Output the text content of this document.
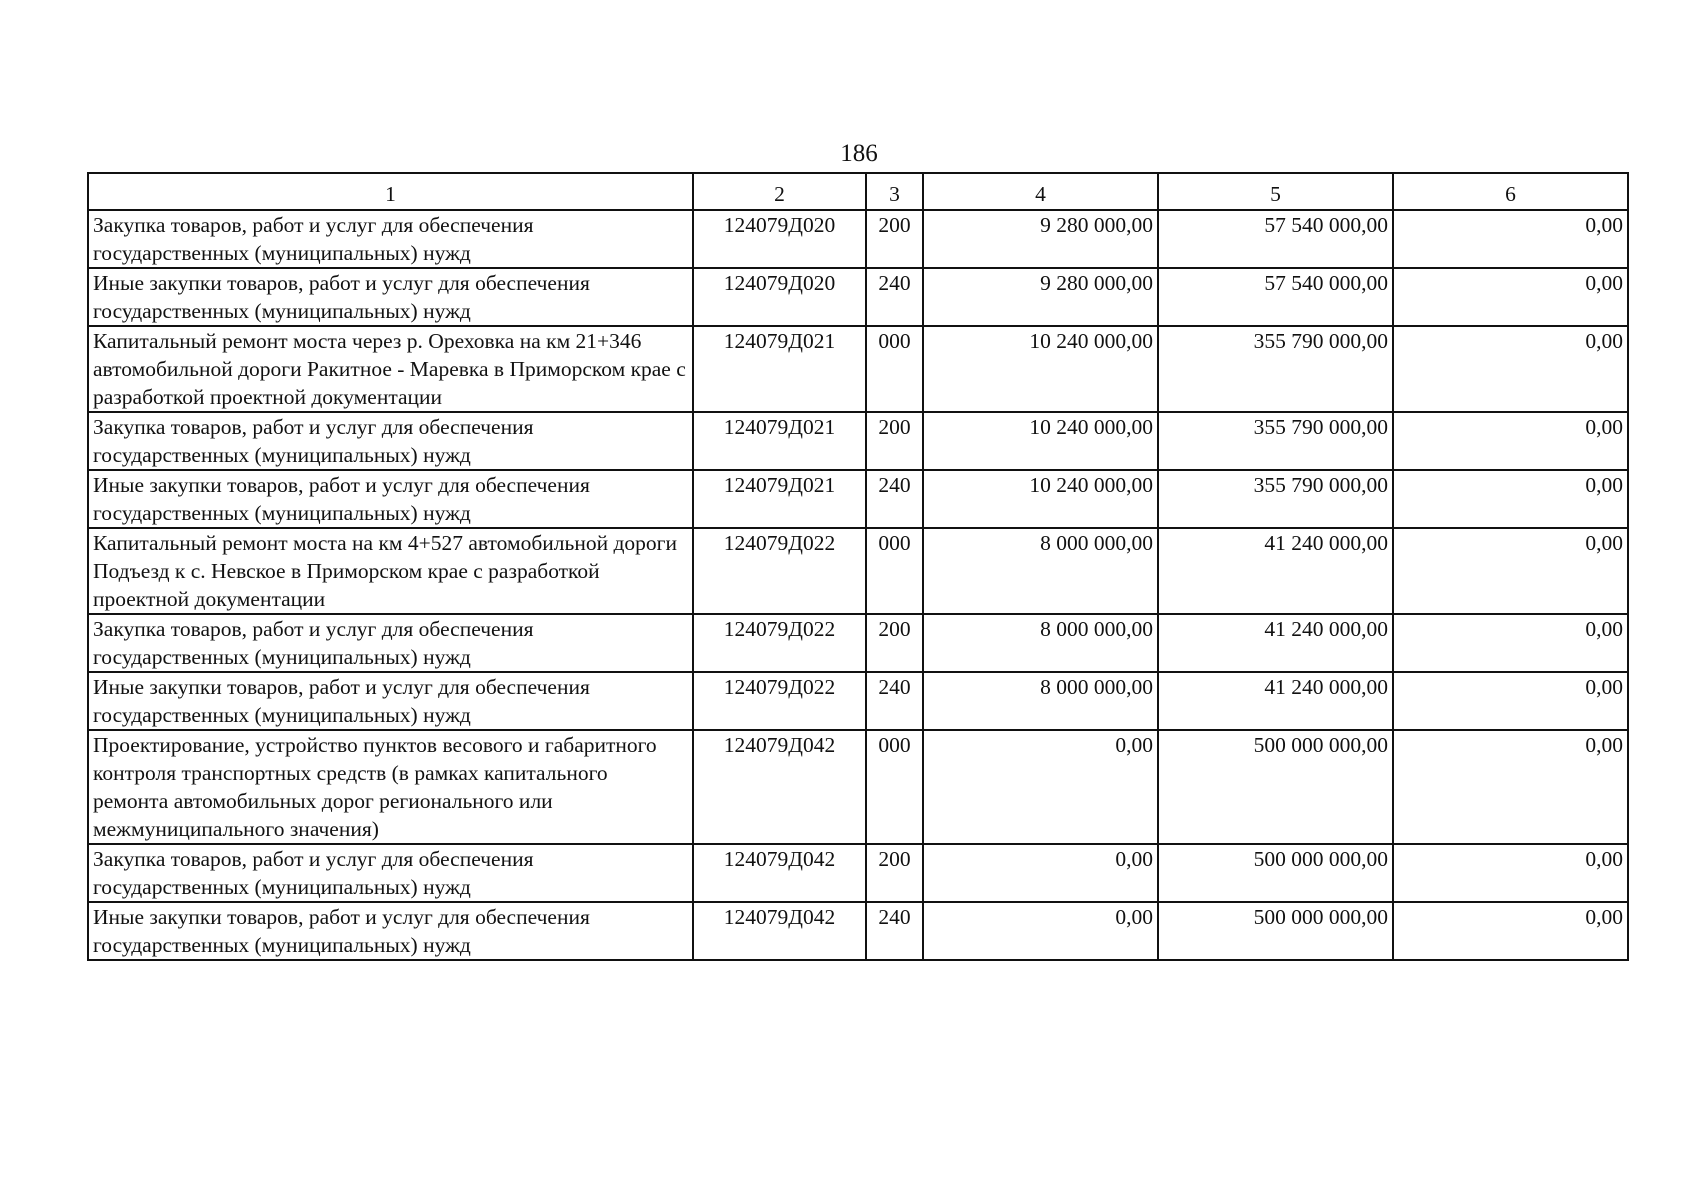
186
1	2	3	4	5	6
Закупка товаров, работ и услуг для обеспечения государственных (муниципальных) нужд	124079Д020	200	9 280 000,00	57 540 000,00	0,00
Иные закупки товаров, работ и услуг для обеспечения государственных (муниципальных) нужд	124079Д020	240	9 280 000,00	57 540 000,00	0,00
Капитальный ремонт моста через р. Ореховка на км 21+346 автомобильной дороги Ракитное - Маревка в Приморском крае с разработкой проектной документации	124079Д021	000	10 240 000,00	355 790 000,00	0,00
Закупка товаров, работ и услуг для обеспечения государственных (муниципальных) нужд	124079Д021	200	10 240 000,00	355 790 000,00	0,00
Иные закупки товаров, работ и услуг для обеспечения государственных (муниципальных) нужд	124079Д021	240	10 240 000,00	355 790 000,00	0,00
Капитальный ремонт моста на км 4+527 автомобильной дороги Подъезд к с. Невское в Приморском крае с разработкой проектной документации	124079Д022	000	8 000 000,00	41 240 000,00	0,00
Закупка товаров, работ и услуг для обеспечения государственных (муниципальных) нужд	124079Д022	200	8 000 000,00	41 240 000,00	0,00
Иные закупки товаров, работ и услуг для обеспечения государственных (муниципальных) нужд	124079Д022	240	8 000 000,00	41 240 000,00	0,00
Проектирование, устройство пунктов весового и габаритного контроля транспортных средств (в рамках капитального ремонта автомобильных дорог регионального или межмуниципального значения)	124079Д042	000	0,00	500 000 000,00	0,00
Закупка товаров, работ и услуг для обеспечения государственных (муниципальных) нужд	124079Д042	200	0,00	500 000 000,00	0,00
Иные закупки товаров, работ и услуг для обеспечения государственных (муниципальных) нужд	124079Д042	240	0,00	500 000 000,00	0,00
